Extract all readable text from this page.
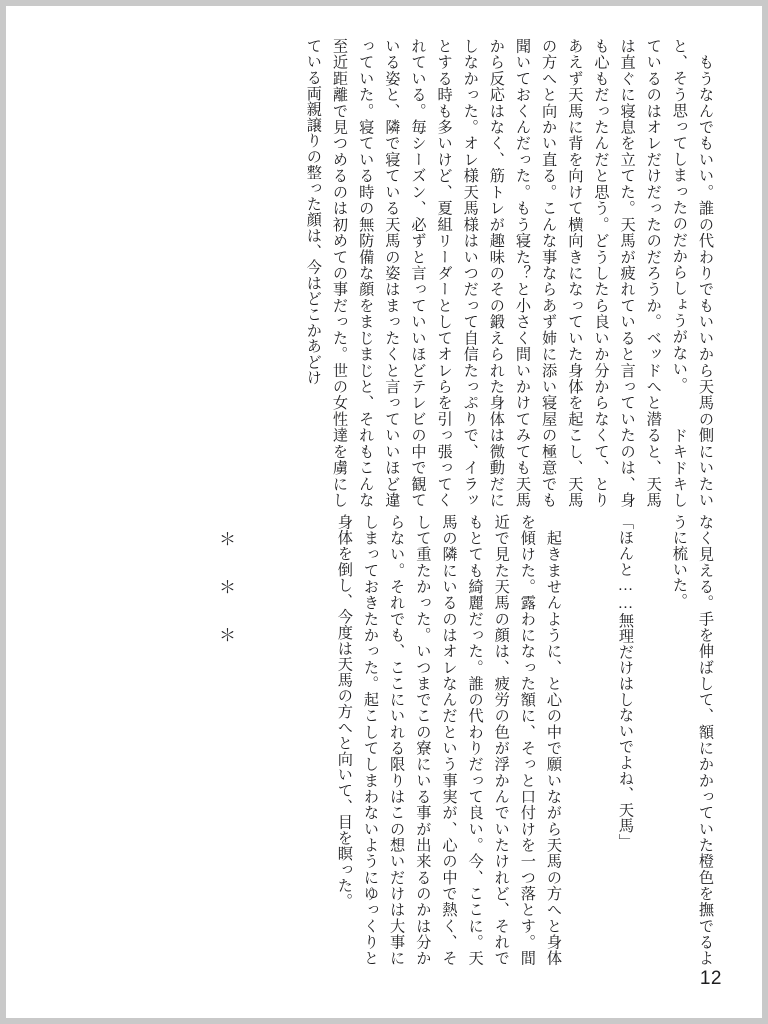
　もうなんでもいい。誰の代わりでもいいから天馬の側にいたいと、そう思ってしまったのだからしょうがない。 　ドキドキしているのはオレだけだったのだろうか。ベッドへと潜ると、天馬は直ぐに寝息を立てた。天馬が疲れていると言っていたのは、身も心もだったんだと思う。どうしたら良いか分からなくて、とりあえず天馬に背を向けて横向きになっていた身体を起こし、天馬の方へと向かい直る。こんな事ならあず姉に添い寝屋の極意でも聞いておくんだった。もう寝た？と小さく問いかけてみても天馬から反応はなく、筋トレが趣味のその鍛えられた身体は微動だにしなかった。オレ様天馬様はいつだって自信たっぷりで、イラッとする時も多いけど、夏組リーダーとしてオレらを引っ張ってくれている。毎シーズン、必ずと言っていいほどテレビの中で観ている姿と、隣で寝ている天馬の姿はまったくと言っていいほど違っていた。寝ている時の無防備な顔をまじまじと、それもこんな至近距離で見つめるのは初めての事だった。世の女性達を虜にしている両親譲りの整った顔は、今はどこかあどけ
なく見える。手を伸ばして、額にかかっていた橙色を撫でるように梳いた。
「ほんと……無理だけはしないでよね、天馬」
　起きませんように、と心の中で願いながら天馬の方へと身体を傾けた。露わになった額に、そっと口付けを一つ落とす。間近で見た天馬の顔は、疲労の色が浮かんでいたけれど、それでもとても綺麗だった。誰の代わりだって良い。今、ここに。天馬の隣にいるのはオレなんだという事実が、心の中で熱く、そして重たかった。いつまでこの寮にいる事が出来るのかは分からない。それでも、ここにいれる限りはこの想いだけは大事にしまっておきたかった。起こしてしまわないようにゆっくりと身体を倒し、今度は天馬の方へと向いて、目を瞑った。
＊ ＊ ＊
12
